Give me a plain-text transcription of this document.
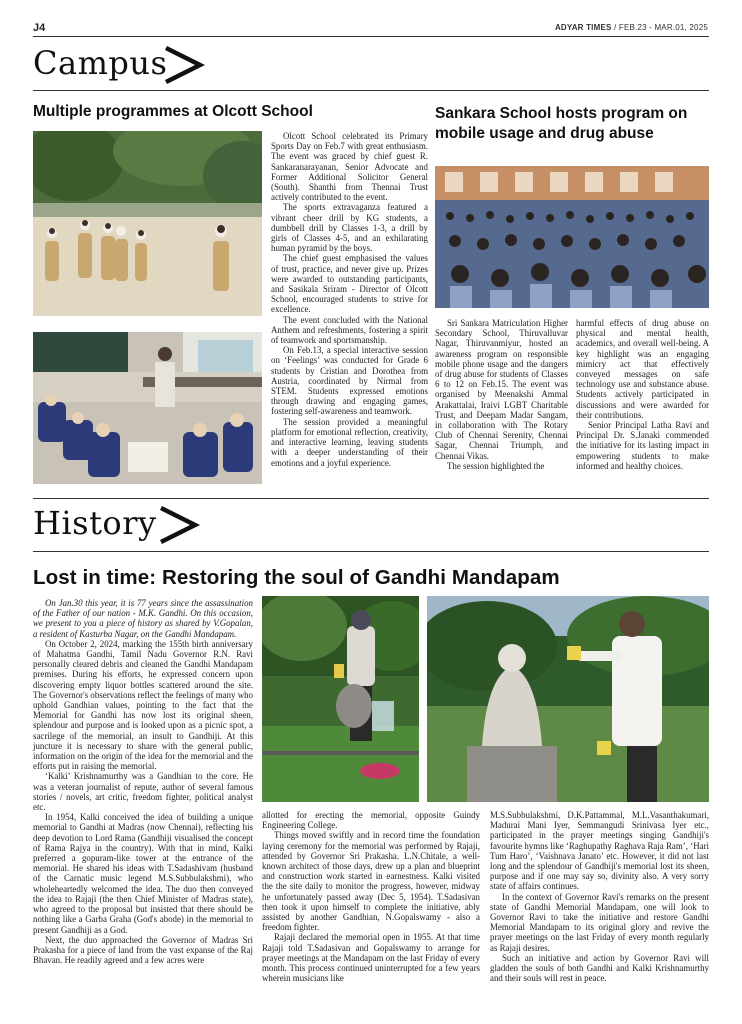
J4	ADYAR TIMES / FEB.23 - MAR.01, 2025
Campus
Multiple programmes at Olcott School

Olcott School celebrated its Primary Sports Day on Feb.7 with great enthusiasm. The event was graced by chief guest R. Sankaranarayanan, Senior Advocate and Former Additional Solicitor General (South). Shanthi from Thennai Trust actively contributed to the event.

The sports extravaganza featured a vibrant cheer drill by KG students, a dumbbell drill by Classes 1-3, a drill by girls of Classes 4-5, and an exhilarating human pyramid by the boys.

The chief guest emphasised the values of trust, practice, and never give up. Prizes were awarded to outstanding participants, and Sasikala Sriram - Director of Olcott School, encouraged students to strive for excellence.

The event concluded with the National Anthem and refreshments, fostering a spirit of teamwork and sportsmanship.

On Feb.13, a special interactive session on ‘Feelings’ was conducted for Grade 6 students by Cristian and Dorothea from Austria, coordinated by Nirmal from STEM. Students expressed emotions through drawing and engaging games, fostering self-awareness and teamwork.

The session provided a meaningful platform for emotional reflection, creativity, and interactive learning, leaving students with a deeper understanding of their emotions and a joyful experience.

Sankara School hosts program on mobile usage and drug abuse

Sri Sankara Matriculation Higher Secondary School, Thiruvalluvar Nagar, Thiruvanmiyur, hosted an awareness program on responsible mobile phone usage and the dangers of drug abuse for students of Classes 6 to 12 on Feb.15. The event was organised by Meenakshi Ammal Arakattalai, Iraivi LGBT Charitable Trust, and Deepam Madar Sangam, in collaboration with The Rotary Club of Chennai Serenity, Chennai Sagar, Chennai Triumph, and Chennai Vikas.

The session highlighted the

harmful effects of drug abuse on physical and mental health, academics, and overall well-being. A key highlight was an engaging mimicry act that effectively conveyed messages on safe technology use and substance abuse. Students actively participated in discussions and were awarded for their contributions.

Senior Principal Latha Ravi and Principal Dr. S.Janaki commended the initiative for its lasting impact in empowering students to make informed and healthy choices.

History
Lost in time: Restoring the soul of Gandhi Mandapam

On Jan.30 this year, it is 77 years since the assassination of the Father of our nation - M.K. Gandhi. On this occasion, we present to you a piece of history as shared by V.Gopalan, a resident of Kasturba Nagar, on the Gandhi Mandapam.

On October 2, 2024, marking the 155th birth anniversary of Mahatma Gandhi, Tamil Nadu Governor R.N. Ravi personally cleared debris and cleaned the Gandhi Mandapam premises. During his efforts, he expressed concern upon discovering empty liquor bottles scattered around the site. The Governor's observations reflect the feelings of many who uphold Gandhian values, pointing to the fact that the Memorial for Gandhi has now lost its original sheen, splendour and purpose and is looked upon as a picnic spot, a sacrilege of the memorial, an insult to Gandhiji. At this juncture it is necessary to share with the general public, information on the origin of the idea for the memorial and the efforts put in raising the memorial.

‘Kalki’ Krishnamurthy was a Gandhian to the core. He was a veteran journalist of repute, author of several famous stories / novels, art critic, freedom fighter, political analyst etc.

In 1954, Kalki conceived the idea of building a unique memorial to Gandhi at Madras (now Chennai), reflecting his deep devotion to Lord Rama (Gandhiji visualised the concept of Rama Rajya in the country). With that in mind, Kalki preferred a gopuram-like tower at the entrance of the memorial. He shared his ideas with T.Sadashivam (husband of the Carnatic music legend M.S.Subbulakshmi), who wholeheartedly welcomed the idea. The duo then conveyed the idea to Rajaji (the then Chief Minister of Madras state), who agreed to the proposal but insisted that there should be nothing like a Garba Graha (God's abode) in the memorial to present Gandhiji as a God.

Next, the duo approached the Governor of Madras Sri Prakasha for a piece of land from the vast expanse of the Raj Bhavan. He readily agreed and a few acres were

allotted for erecting the memorial, opposite Guindy Engineering College.

Things moved swiftly and in record time the foundation laying ceremony for the memorial was performed by Rajaji, attended by Governor Sri Prakasha. L.N.Chitale, a well-known architect of those days, drew up a plan and blueprint and construction work started in earnestness. Kalki visited the the site daily to monitor the progress, however, midway he unfortunately passed away (Dec 5, 1954). T.Sadasivan then took it upon himself to complete the initiative, ably assisted by another Gandhian, N.Gopalswamy - also a freedom fighter.

Rajaji declared the memorial open in 1955. At that time Rajaji told T.Sadasivan and Gopalswamy to arrange for prayer meetings at the Mandapam on the last Friday of every month. This process continued uninterrupted for a few years wherein musicians like

M.S.Subbulakshmi, D.K.Pattammal, M.L.Vasanthakumari, Madurai Mani Iyer, Semmangudi Srinivasa Iyer etc., participated in the prayer meetings singing Gandhiji's favourite hymns like ‘Raghupathy Raghava Raja Ram’, ‘Hari Tum Haro’, ‘Vaishnava Janato’ etc. However, it did not last long and the splendour of Gandhiji's memorial lost its sheen, purpose and if one may say so, divinity also. A very sorry state of affairs continues.

In the context of Governor Ravi's remarks on the present state of Gandhi Memorial Mandapam, one will look to Governor Ravi to take the initiative and restore Gandhi Memorial Mandapam to its original glory and revive the prayer meetings on the last Friday of every month regularly as Rajaji desires.

Such an initiative and action by Governor Ravi will gladden the souls of both Gandhi and Kalki Krishnamurthy and their souls will rest in peace.
